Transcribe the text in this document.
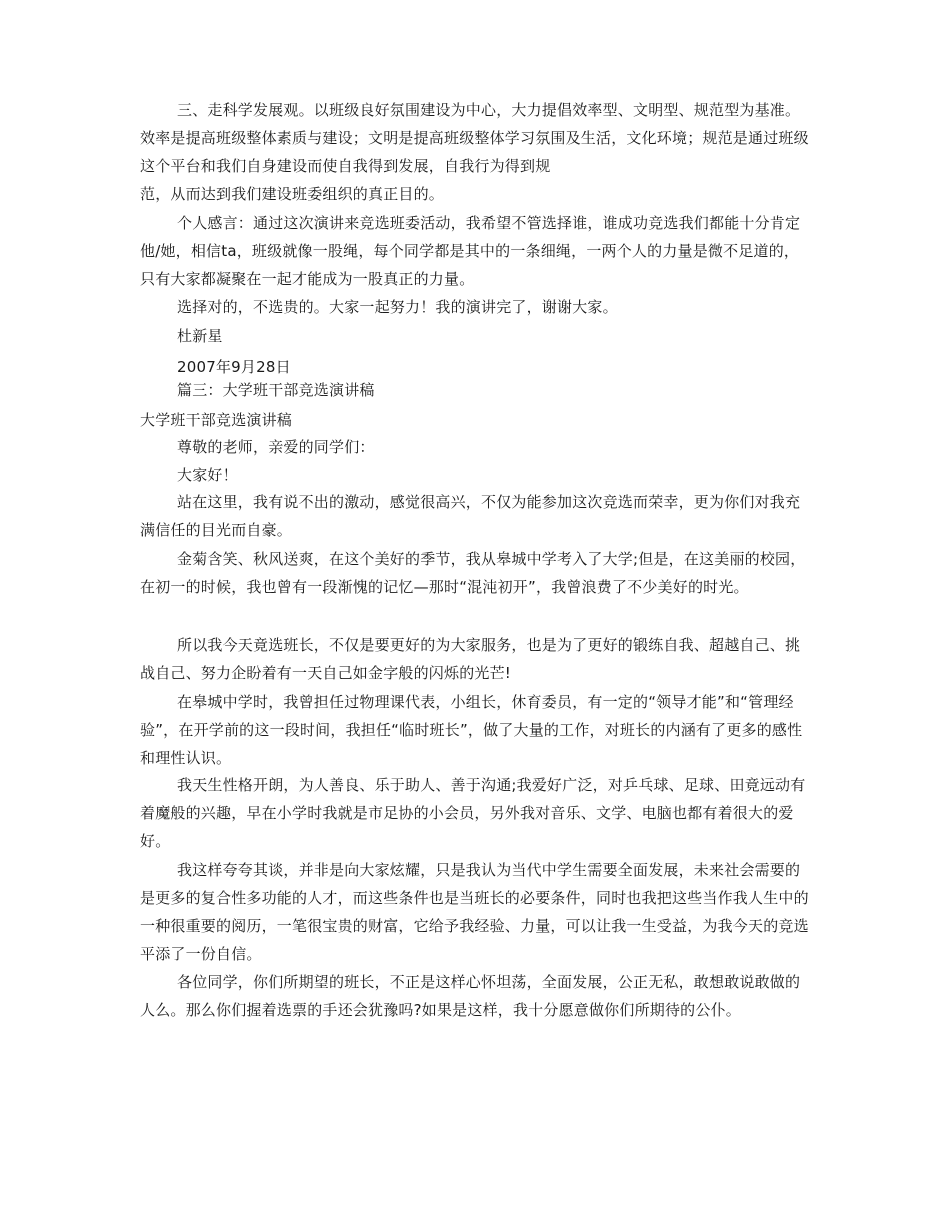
三、走科学发展观。以班级良好氛围建设为中心，大力提倡效率型、文明型、规范型为基准。效率是提高班级整体素质与建设；文明是提高班级整体学习氛围及生活，文化环境；规范是通过班级这个平台和我们自身建设而使自我得到发展，自我行为得到规

范，从而达到我们建设班委组织的真正目的。

个人感言：通过这次演讲来竞选班委活动，我希望不管选择谁，谁成功竞选我们都能十分肯定他/她，相信ta，班级就像一股绳，每个同学都是其中的一条细绳，一两个人的力量是微不足道的，只有大家都凝聚在一起才能成为一股真正的力量。

选择对的，不选贵的。大家一起努力！我的演讲完了，谢谢大家。

杜新星

2007年9月28日

篇三：大学班干部竞选演讲稿

大学班干部竞选演讲稿

尊敬的老师，亲爱的同学们：

大家好！

站在这里，我有说不出的激动，感觉很高兴，不仅为能参加这次竞选而荣幸，更为你们对我充满信任的目光而自豪。

金菊含笑、秋风送爽，在这个美好的季节，我从皋城中学考入了大学;但是，在这美丽的校园，在初一的时候，我也曾有一段渐愧的记忆—那时“混沌初开”，我曾浪费了不少美好的时光。

所以我今天竟选班长，不仅是要更好的为大家服务，也是为了更好的锻练自我、超越自己、挑战自己、努力企盼着有一天自己如金字般的闪烁的光芒!

在皋城中学时，我曾担任过物理课代表，小组长，休育委员，有一定的“领导才能”和“管理经验”，在开学前的这一段时间，我担任“临时班长”，做了大量的工作，对班长的内涵有了更多的感性和理性认识。

我天生性格开朗，为人善良、乐于助人、善于沟通;我爱好广泛，对乒乓球、足球、田竟远动有着魔般的兴趣，早在小学时我就是市足协的小会员，另外我对音乐、文学、电脑也都有着很大的爱好。

我这样夸夸其谈，并非是向大家炫耀，只是我认为当代中学生需要全面发展，未来社会需要的是更多的复合性多功能的人才，而这些条件也是当班长的必要条件，同时也我把这些当作我人生中的一种很重要的阅历，一笔很宝贵的财富，它给予我经验、力量，可以让我一生受益，为我今天的竞选平添了一份自信。

各位同学，你们所期望的班长，不正是这样心怀坦荡，全面发展，公正无私，敢想敢说敢做的人么。那么你们握着选票的手还会犹豫吗?如果是这样，我十分愿意做你们所期待的公仆。
